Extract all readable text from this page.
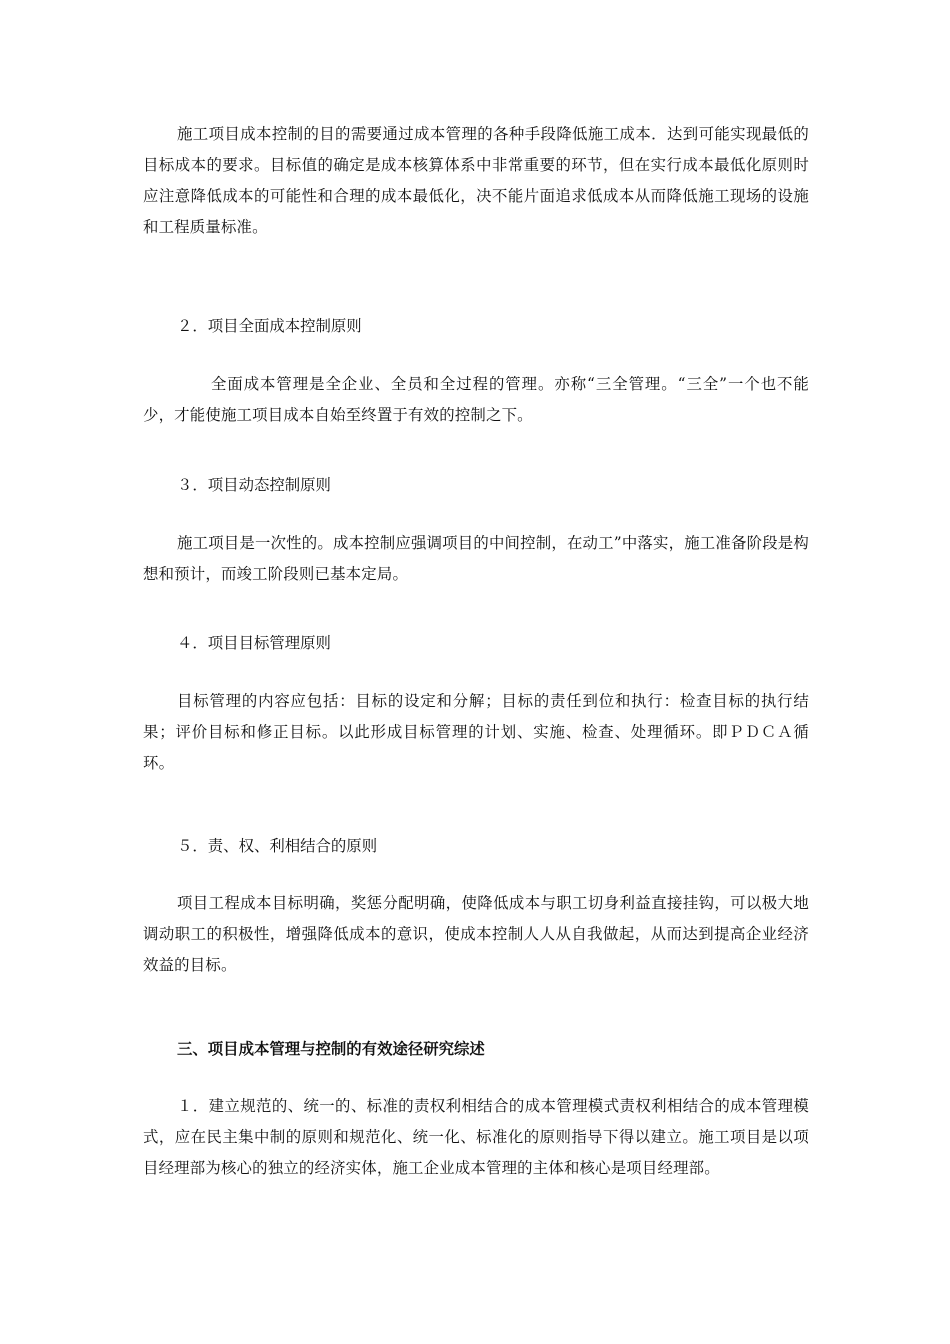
施工项目成本控制的目的需要通过成本管理的各种手段降低施工成本．达到可能实现最低的目标成本的要求。目标值的确定是成本核算体系中非常重要的环节，但在实行成本最低化原则时应注意降低成本的可能性和合理的成本最低化，决不能片面追求低成本从而降低施工现场的设施和工程质量标准。
２．项目全面成本控制原则
全面成本管理是全企业、全员和全过程的管理。亦称“三全管理。“三全”一个也不能少，才能使施工项目成本自始至终置于有效的控制之下。
３．项目动态控制原则
施工项目是一次性的。成本控制应强调项目的中间控制，在动工”中落实，施工准备阶段是构想和预计，而竣工阶段则已基本定局。
４．项目目标管理原则
目标管理的内容应包括：目标的设定和分解；目标的责任到位和执行：检查目标的执行结果；评价目标和修正目标。以此形成目标管理的计划、实施、检查、处理循环。即ＰＤＣＡ循环。
５．责、权、利相结合的原则
项目工程成本目标明确，奖惩分配明确，使降低成本与职工切身利益直接挂钩，可以极大地调动职工的积极性，增强降低成本的意识，使成本控制人人从自我做起，从而达到提高企业经济效益的目标。
三、项目成本管理与控制的有效途径研究综述
１．建立规范的、统一的、标准的责权利相结合的成本管理模式责权利相结合的成本管理模式，应在民主集中制的原则和规范化、统一化、标准化的原则指导下得以建立。施工项目是以项目经理部为核心的独立的经济实体，施工企业成本管理的主体和核心是项目经理部。
